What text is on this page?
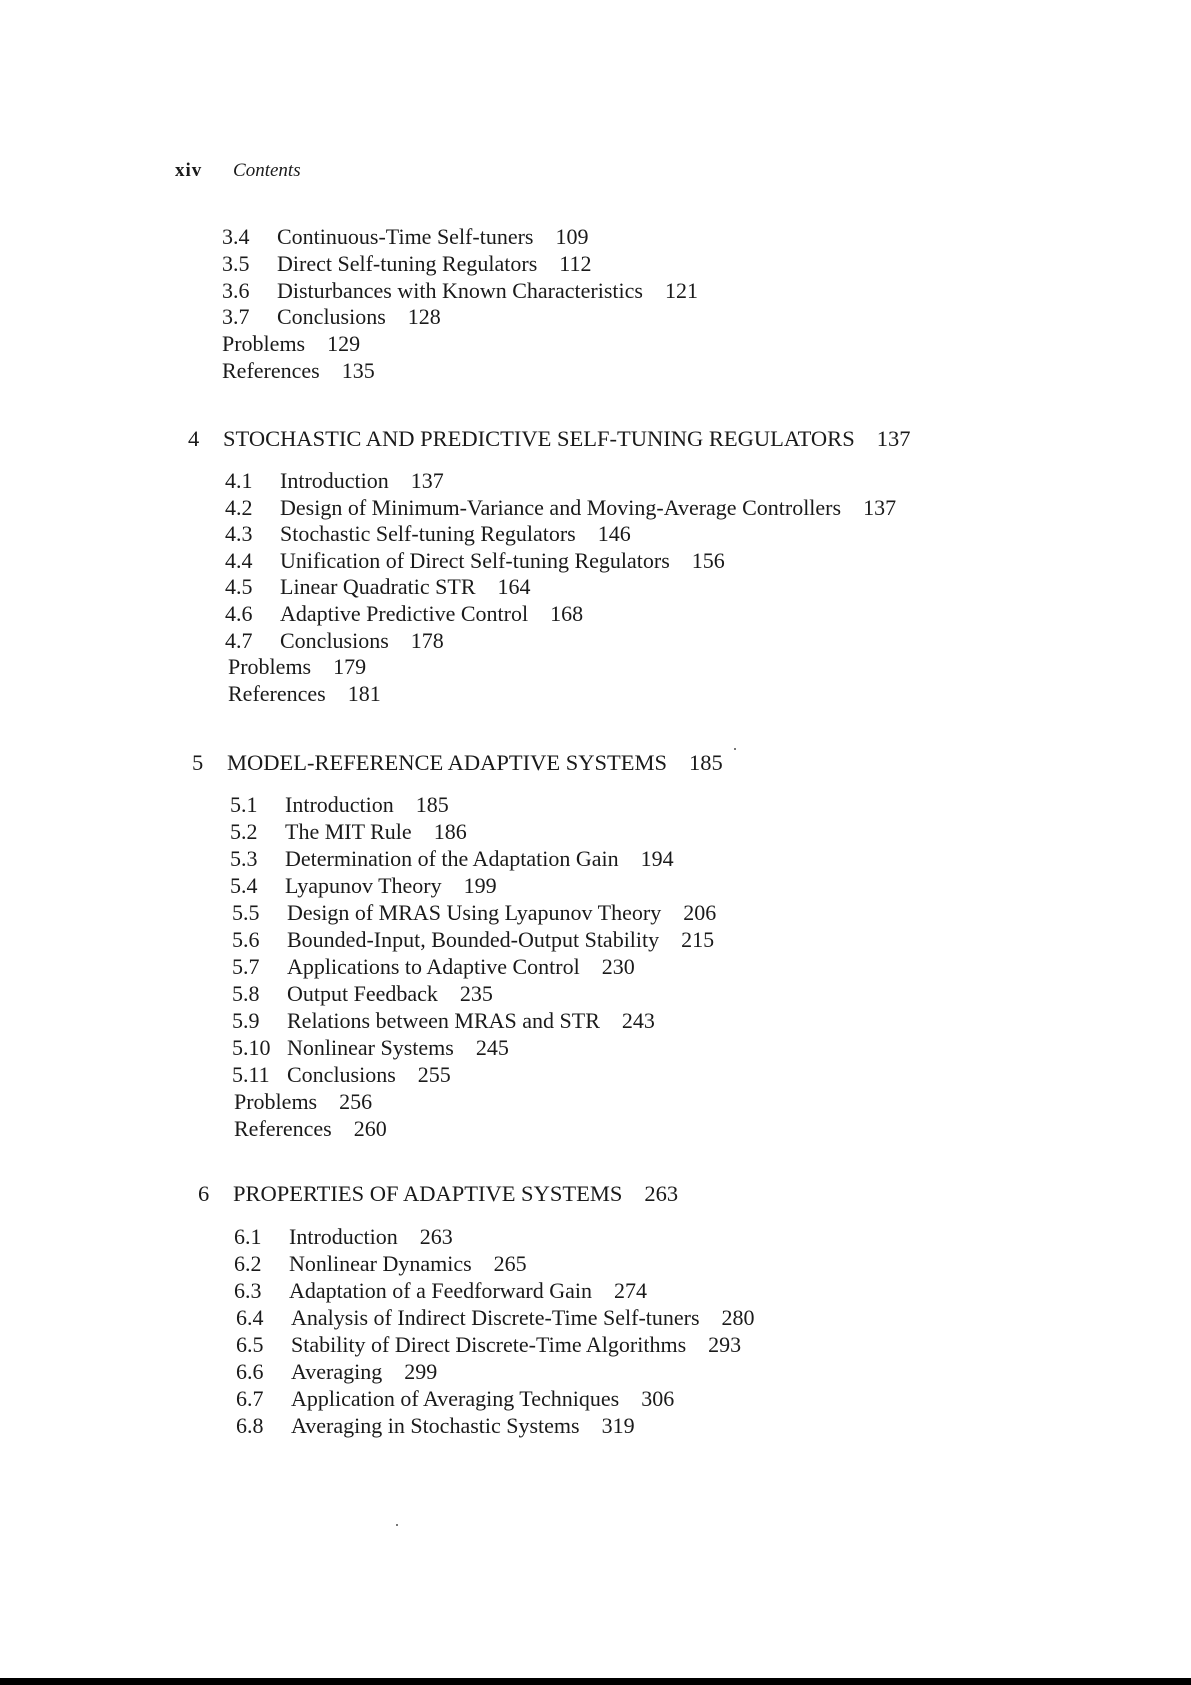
xiv Contents
3.4 Continuous-Time Self-tuners 109
3.5 Direct Self-tuning Regulators 112
3.6 Disturbances with Known Characteristics 121
3.7 Conclusions 128
Problems 129
References 135
4 STOCHASTIC AND PREDICTIVE SELF-TUNING REGULATORS 137
4.1 Introduction 137
4.2 Design of Minimum-Variance and Moving-Average Controllers 137
4.3 Stochastic Self-tuning Regulators 146
4.4 Unification of Direct Self-tuning Regulators 156
4.5 Linear Quadratic STR 164
4.6 Adaptive Predictive Control 168
4.7 Conclusions 178
Problems 179
References 181
5 MODEL-REFERENCE ADAPTIVE SYSTEMS 185
5.1 Introduction 185
5.2 The MIT Rule 186
5.3 Determination of the Adaptation Gain 194
5.4 Lyapunov Theory 199
5.5 Design of MRAS Using Lyapunov Theory 206
5.6 Bounded-Input, Bounded-Output Stability 215
5.7 Applications to Adaptive Control 230
5.8 Output Feedback 235
5.9 Relations between MRAS and STR 243
5.10 Nonlinear Systems 245
5.11 Conclusions 255
Problems 256
References 260
6 PROPERTIES OF ADAPTIVE SYSTEMS 263
6.1 Introduction 263
6.2 Nonlinear Dynamics 265
6.3 Adaptation of a Feedforward Gain 274
6.4 Analysis of Indirect Discrete-Time Self-tuners 280
6.5 Stability of Direct Discrete-Time Algorithms 293
6.6 Averaging 299
6.7 Application of Averaging Techniques 306
6.8 Averaging in Stochastic Systems 319
